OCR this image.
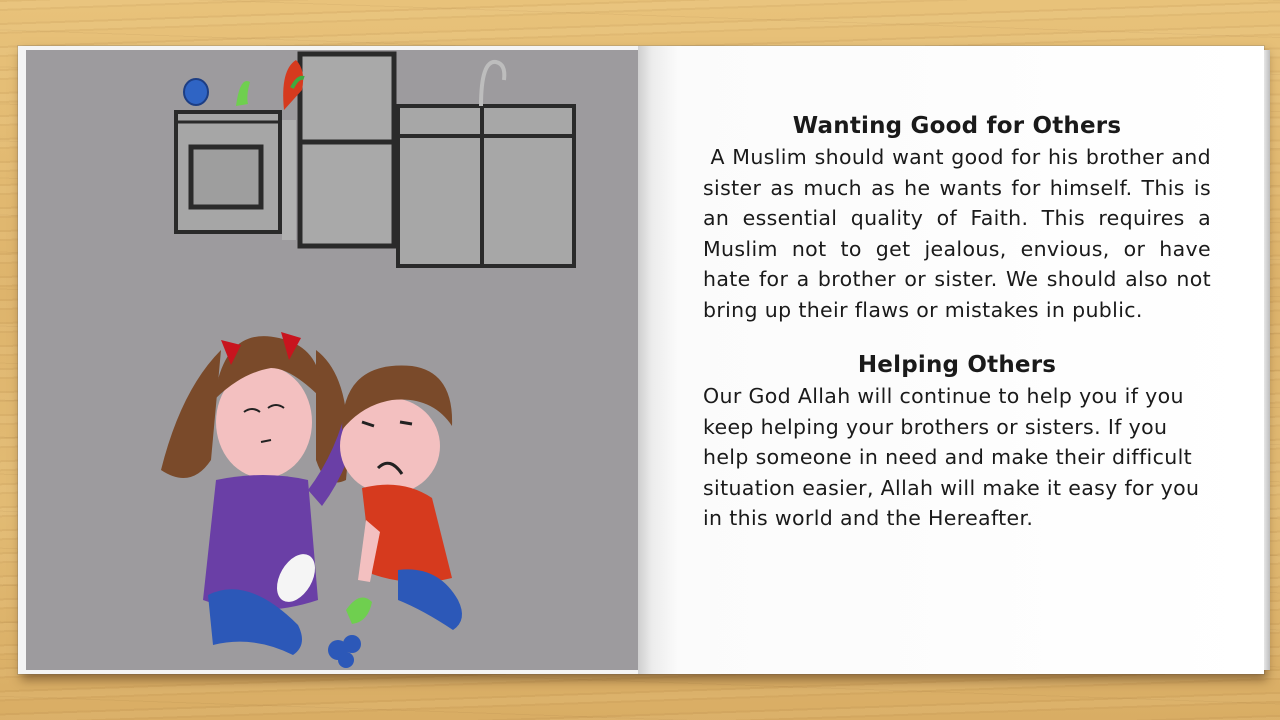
Wanting Good for Others

A Muslim should want good for his brother and sister as much as he wants for himself. This is an essential quality of Faith. This requires a Muslim not to get jealous, envious, or have hate for a brother or sister. We should also not bring up their flaws or mistakes in public.

Helping Others

Our God Allah will continue to help you if you keep helping your brothers or sisters. If you help someone in need and make their difficult situation easier, Allah will make it easy for you in this world and the Hereafter.
